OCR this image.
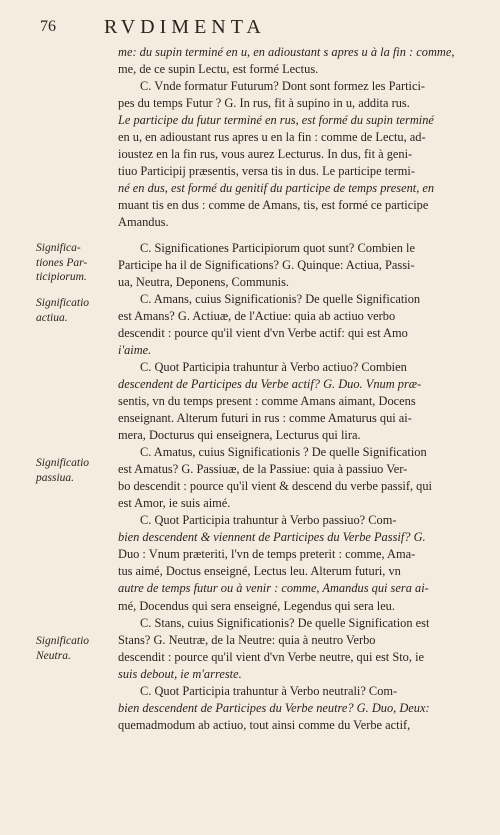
76 RVDIMENTA
Significa-
tiones Par-
ticipiorum.
Significatio
actiua.
Significatio
passiua.
Significatio
Neutra.
me: du supin terminé en u, en adioustant s apres u à la fin : comme,
me, de ce supin Lectu, est formé Lectus.
C. Vnde formatur Futurum? Dont sont formez les Partici-
pes du temps Futur ? G. In rus, fit à supino in u, addita rus.
Le participe du futur terminé en rus, est formé du supin terminé
en u, en adioustant rus apres u en la fin : comme de Lectu, ad-
ioustez en la fin rus, vous aurez Lecturus. In dus, fit à geni-
tiuo Participij præsentis, versa tis in dus. Le participe termi-
né en dus, est formé du genitif du participe de temps present, en
muant tis en dus : comme de Amans, tis, est formé ce participe
Amandus.
C. Significationes Participiorum quot sunt? Combien le
Participe ha il de Significations? G. Quinque: Actiua, Passi-
ua, Neutra, Deponens, Communis.
C. Amans, cuius Significationis? De quelle Signification
est Amans? G. Actiuæ, de l'Actiue: quia ab actiuo verbo
descendit : pource qu'il vient d'vn Verbe actif: qui est Amo
i'aime.
C. Quot Participia trahuntur à Verbo actiuo? Combien
descendent de Participes du Verbe actif? G. Duo. Vnum præ-
sentis, vn du temps present : comme Amans aimant, Docens
enseignant. Alterum futuri in rus : comme Amaturus qui ai-
mera, Docturus qui enseignera, Lecturus qui lira.
C. Amatus, cuius Significationis ? De quelle Signification
est Amatus? G. Passiuæ, de la Passiue: quia à passiuo Ver-
bo descendit : pource qu'il vient & descend du verbe passif, qui
est Amor, ie suis aimé.
C. Quot Participia trahuntur à Verbo passiuo? Com-
bien descendent & viennent de Participes du Verbe Passif? G.
Duo : Vnum præteriti, l'vn de temps preterit : comme, Ama-
tus aimé, Doctus enseigné, Lectus leu. Alterum futuri, vn
autre de temps futur ou à venir : comme, Amandus qui sera ai-
mé, Docendus qui sera enseigné, Legendus qui sera leu.
C. Stans, cuius Significationis? De quelle Signification est
Stans? G. Neutræ, de la Neutre: quia à neutro Verbo
descendit : pource qu'il vient d'vn Verbe neutre, qui est Sto, ie
suis debout, ie m'arreste.
C. Quot Participia trahuntur à Verbo neutrali? Com-
bien descendent de Participes du Verbe neutre? G. Duo, Deux:
quemadmodum ab actiuo, tout ainsi comme du Verbe actif,
